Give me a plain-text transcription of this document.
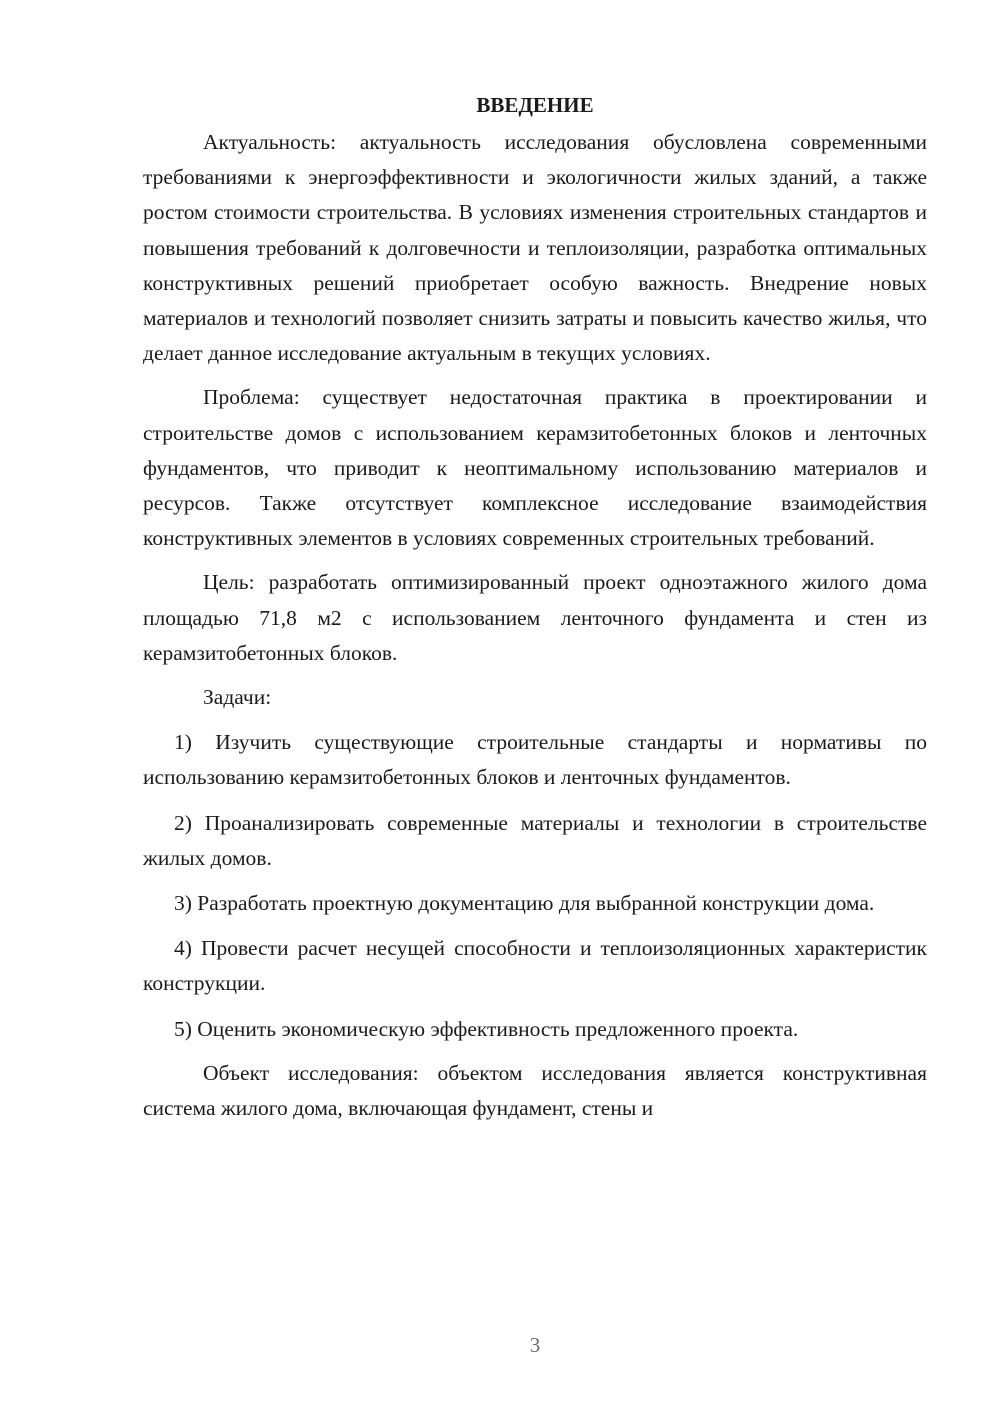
ВВЕДЕНИЕ

Актуальность: актуальность исследования обусловлена современными требованиями к энергоэффективности и экологичности жилых зданий, а также ростом стоимости строительства. В условиях изменения строительных стандартов и повышения требований к долговечности и теплоизоляции, разработка оптимальных конструктивных решений приобретает особую важность. Внедрение новых материалов и технологий позволяет снизить затраты и повысить качество жилья, что делает данное исследование актуальным в текущих условиях.

Проблема: существует недостаточная практика в проектировании и строительстве домов с использованием керамзитобетонных блоков и ленточных фундаментов, что приводит к неоптимальному использованию материалов и ресурсов. Также отсутствует комплексное исследование взаимодействия конструктивных элементов в условиях современных строительных требований.

Цель: разработать оптимизированный проект одноэтажного жилого дома площадью 71,8 м2 с использованием ленточного фундамента и стен из керамзитобетонных блоков.

Задачи:

1) Изучить существующие строительные стандарты и нормативы по использованию керамзитобетонных блоков и ленточных фундаментов.

2) Проанализировать современные материалы и технологии в строительстве жилых домов.

3) Разработать проектную документацию для выбранной конструкции дома.

4) Провести расчет несущей способности и теплоизоляционных характеристик конструкции.

5) Оценить экономическую эффективность предложенного проекта.

Объект исследования: объектом исследования является конструктивная система жилого дома, включающая фундамент, стены и

3
